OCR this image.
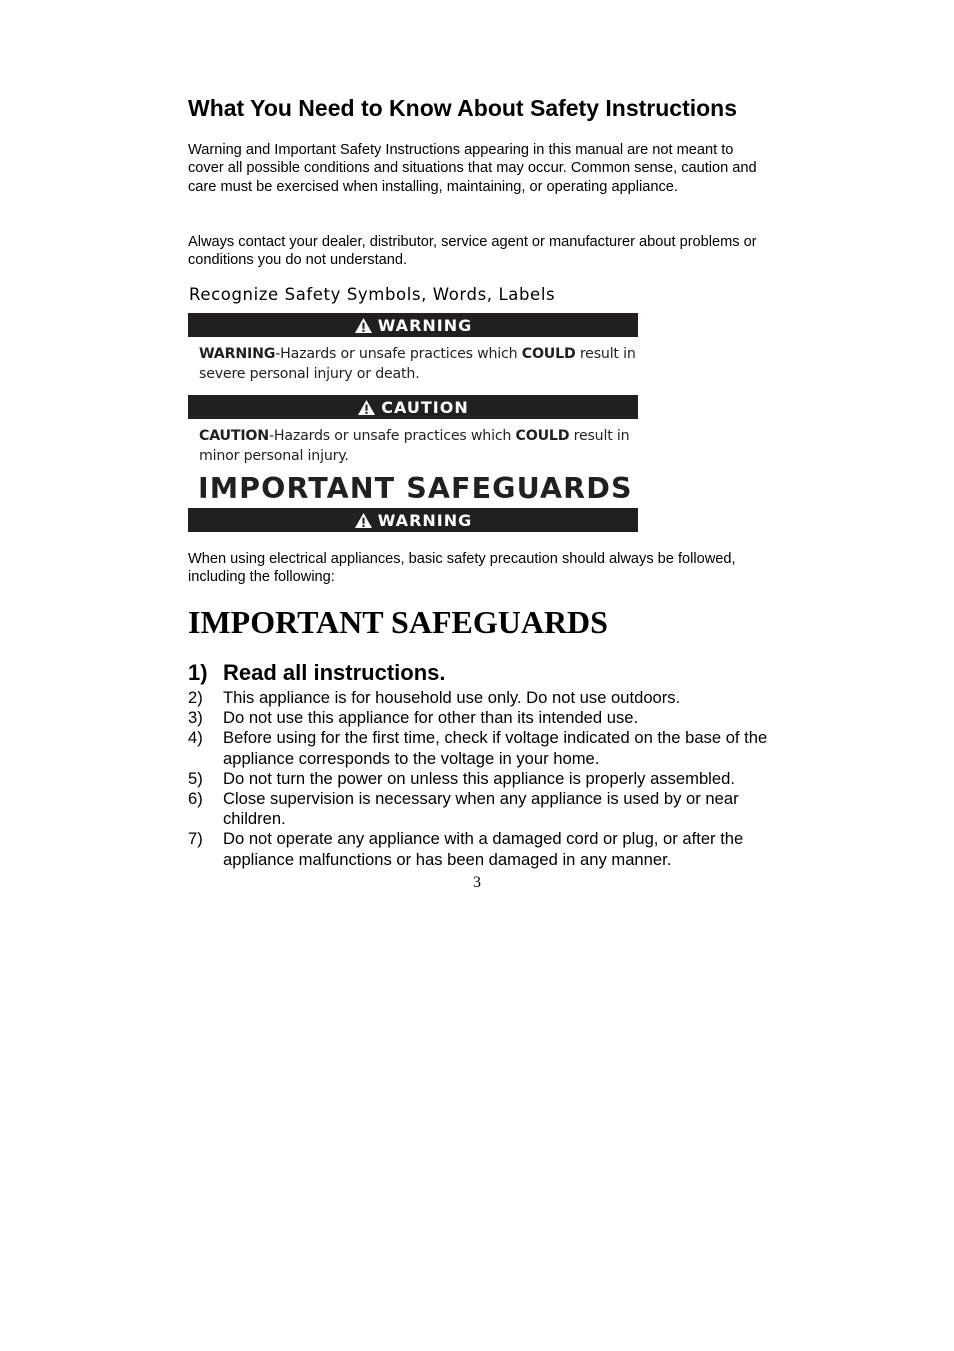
What You Need to Know About Safety Instructions
Warning and Important Safety Instructions appearing in this manual are not meant to cover all possible conditions and situations that may occur. Common sense, caution and care must be exercised when installing, maintaining, or operating appliance.
Always contact your dealer, distributor, service agent or manufacturer about problems or conditions you do not understand.
Recognize Safety Symbols, Words, Labels
WARNING
WARNING-Hazards or unsafe practices which COULD result in severe personal injury or death.
CAUTION
CAUTION-Hazards or unsafe practices which COULD result in minor personal injury.
IMPORTANT SAFEGUARDS
WARNING
When using electrical appliances, basic safety precaution should always be followed, including the following:
IMPORTANT SAFEGUARDS
1) Read all instructions.
2)	This appliance is for household use only. Do not use outdoors.
3)	Do not use this appliance for other than its intended use.
4)	Before using for the first time, check if voltage indicated on the base of the appliance corresponds to the voltage in your home.
5)	Do not turn the power on unless this appliance is properly assembled.
6)	Close supervision is necessary when any appliance is used by or near children.
7)	Do not operate any appliance with a damaged cord or plug, or after the appliance malfunctions or has been damaged in any manner.
3
